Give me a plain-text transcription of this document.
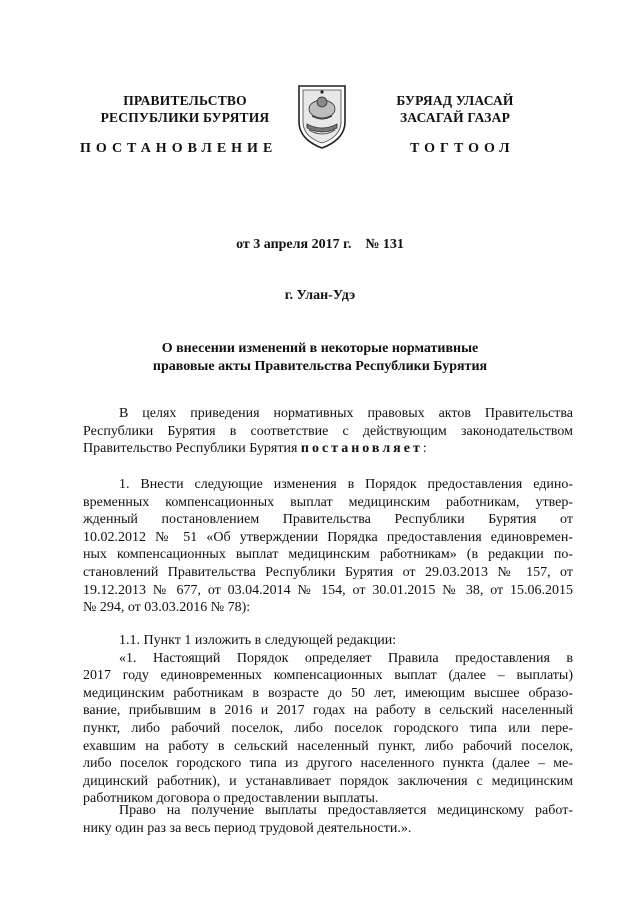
ПРАВИТЕЛЬСТВО
РЕСПУБЛИКИ БУРЯТИЯ
БУРЯАД УЛАСАЙ
ЗАСАГАЙ ГАЗАР
ПОСТАНОВЛЕНИЕ	ТОГТООЛ
от 3 апреля 2017 г.    № 131
г. Улан-Удэ
О внесении изменений в некоторые нормативные
правовые акты Правительства Республики Бурятия
В целях приведения нормативных правовых актов Правительства
Республики Бурятия в соответствие с действующим законодательством
Правительство Республики Бурятия постановляет:
1. Внести следующие изменения в Порядок предоставления едино-
временных компенсационных выплат медицинским работникам, утвер-
жденный постановлением Правительства Республики Бурятия от
10.02.2012 № 51 «Об утверждении Порядка предоставления единовремен-
ных компенсационных выплат медицинским работникам» (в редакции по-
становлений Правительства Республики Бурятия от 29.03.2013 № 157, от
19.12.2013 № 677, от 03.04.2014 № 154, от 30.01.2015 № 38, от 15.06.2015
№ 294, от 03.03.2016 № 78):
1.1. Пункт 1 изложить в следующей редакции:
«1. Настоящий Порядок определяет Правила предоставления в
2017 году единовременных компенсационных выплат (далее – выплаты)
медицинским работникам в возрасте до 50 лет, имеющим высшее образо-
вание, прибывшим в 2016 и 2017 годах на работу в сельский населенный
пункт, либо рабочий поселок, либо поселок городского типа или пере-
ехавшим на работу в сельский населенный пункт, либо рабочий поселок,
либо поселок городского типа из другого населенного пункта (далее – ме-
дицинский работник), и устанавливает порядок заключения с медицинским
работником договора о предоставлении выплаты.
Право на получение выплаты предоставляется медицинскому работ-
нику один раз за весь период трудовой деятельности.».
